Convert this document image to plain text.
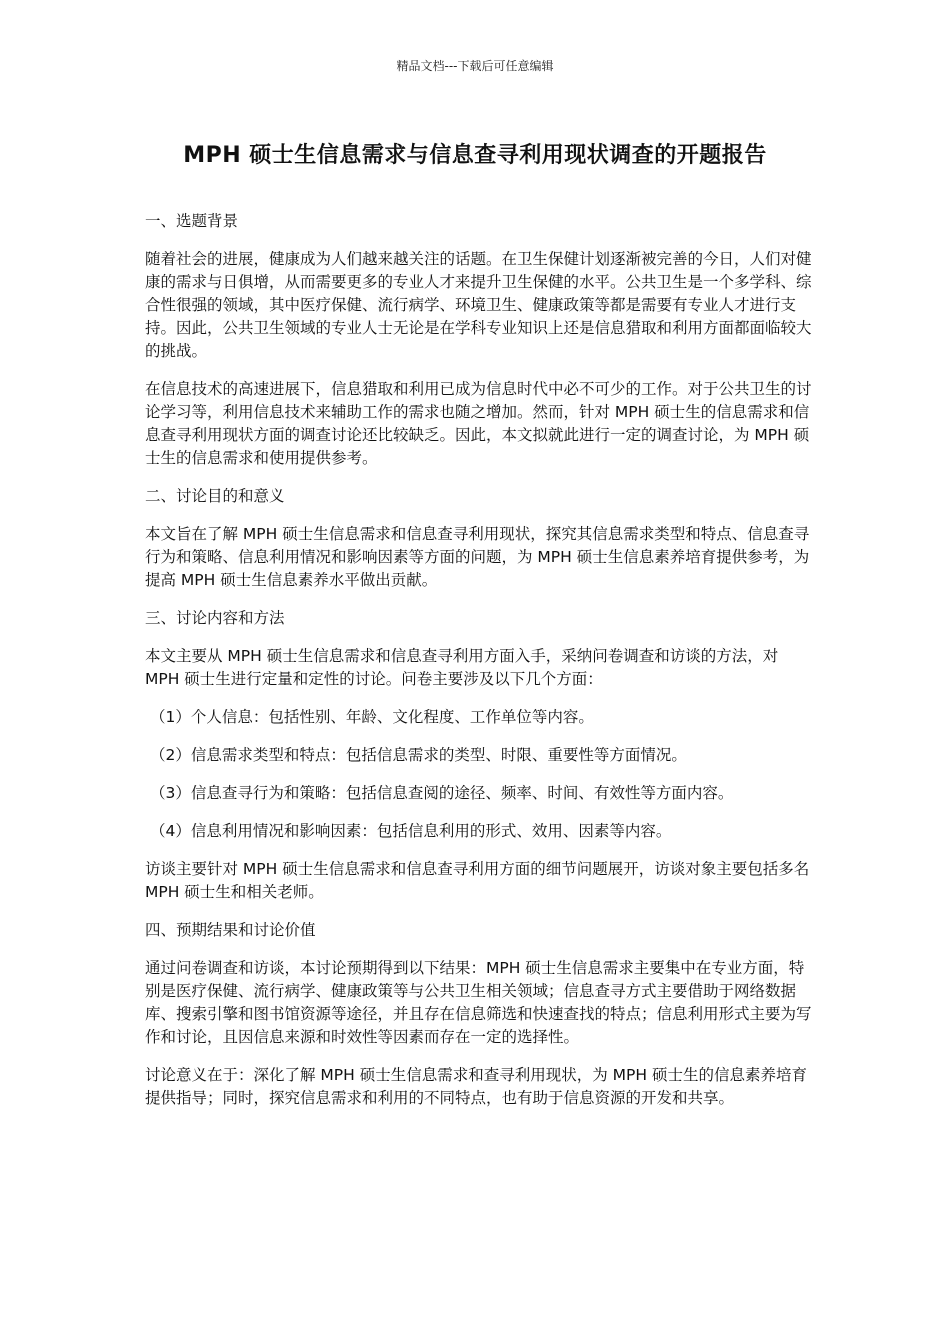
精品文档---下载后可任意编辑
MPH 硕士生信息需求与信息查寻利用现状调查的开题报告

一、选题背景

随着社会的进展，健康成为人们越来越关注的话题。在卫生保健计划逐渐被完善的今日，人们对健康的需求与日俱增，从而需要更多的专业人才来提升卫生保健的水平。公共卫生是一个多学科、综合性很强的领域，其中医疗保健、流行病学、环境卫生、健康政策等都是需要有专业人才进行支持。因此，公共卫生领域的专业人士无论是在学科专业知识上还是信息猎取和利用方面都面临较大的挑战。

在信息技术的高速进展下，信息猎取和利用已成为信息时代中必不可少的工作。对于公共卫生的讨论学习等，利用信息技术来辅助工作的需求也随之增加。然而，针对 MPH 硕士生的信息需求和信息查寻利用现状方面的调查讨论还比较缺乏。因此，本文拟就此进行一定的调查讨论，为 MPH 硕士生的信息需求和使用提供参考。

二、讨论目的和意义

本文旨在了解 MPH 硕士生信息需求和信息查寻利用现状，探究其信息需求类型和特点、信息查寻行为和策略、信息利用情况和影响因素等方面的问题，为 MPH 硕士生信息素养培育提供参考，为提高 MPH 硕士生信息素养水平做出贡献。

三、讨论内容和方法

本文主要从 MPH 硕士生信息需求和信息查寻利用方面入手，采纳问卷调查和访谈的方法，对 MPH 硕士生进行定量和定性的讨论。问卷主要涉及以下几个方面：

（1）个人信息：包括性别、年龄、文化程度、工作单位等内容。

（2）信息需求类型和特点：包括信息需求的类型、时限、重要性等方面情况。

（3）信息查寻行为和策略：包括信息查阅的途径、频率、时间、有效性等方面内容。

（4）信息利用情况和影响因素：包括信息利用的形式、效用、因素等内容。

访谈主要针对 MPH 硕士生信息需求和信息查寻利用方面的细节问题展开，访谈对象主要包括多名 MPH 硕士生和相关老师。

四、预期结果和讨论价值

通过问卷调查和访谈，本讨论预期得到以下结果：MPH 硕士生信息需求主要集中在专业方面，特别是医疗保健、流行病学、健康政策等与公共卫生相关领域；信息查寻方式主要借助于网络数据库、搜索引擎和图书馆资源等途径，并且存在信息筛选和快速查找的特点；信息利用形式主要为写作和讨论，且因信息来源和时效性等因素而存在一定的选择性。

讨论意义在于：深化了解 MPH 硕士生信息需求和查寻利用现状，为 MPH 硕士生的信息素养培育提供指导；同时，探究信息需求和利用的不同特点，也有助于信息资源的开发和共享。
